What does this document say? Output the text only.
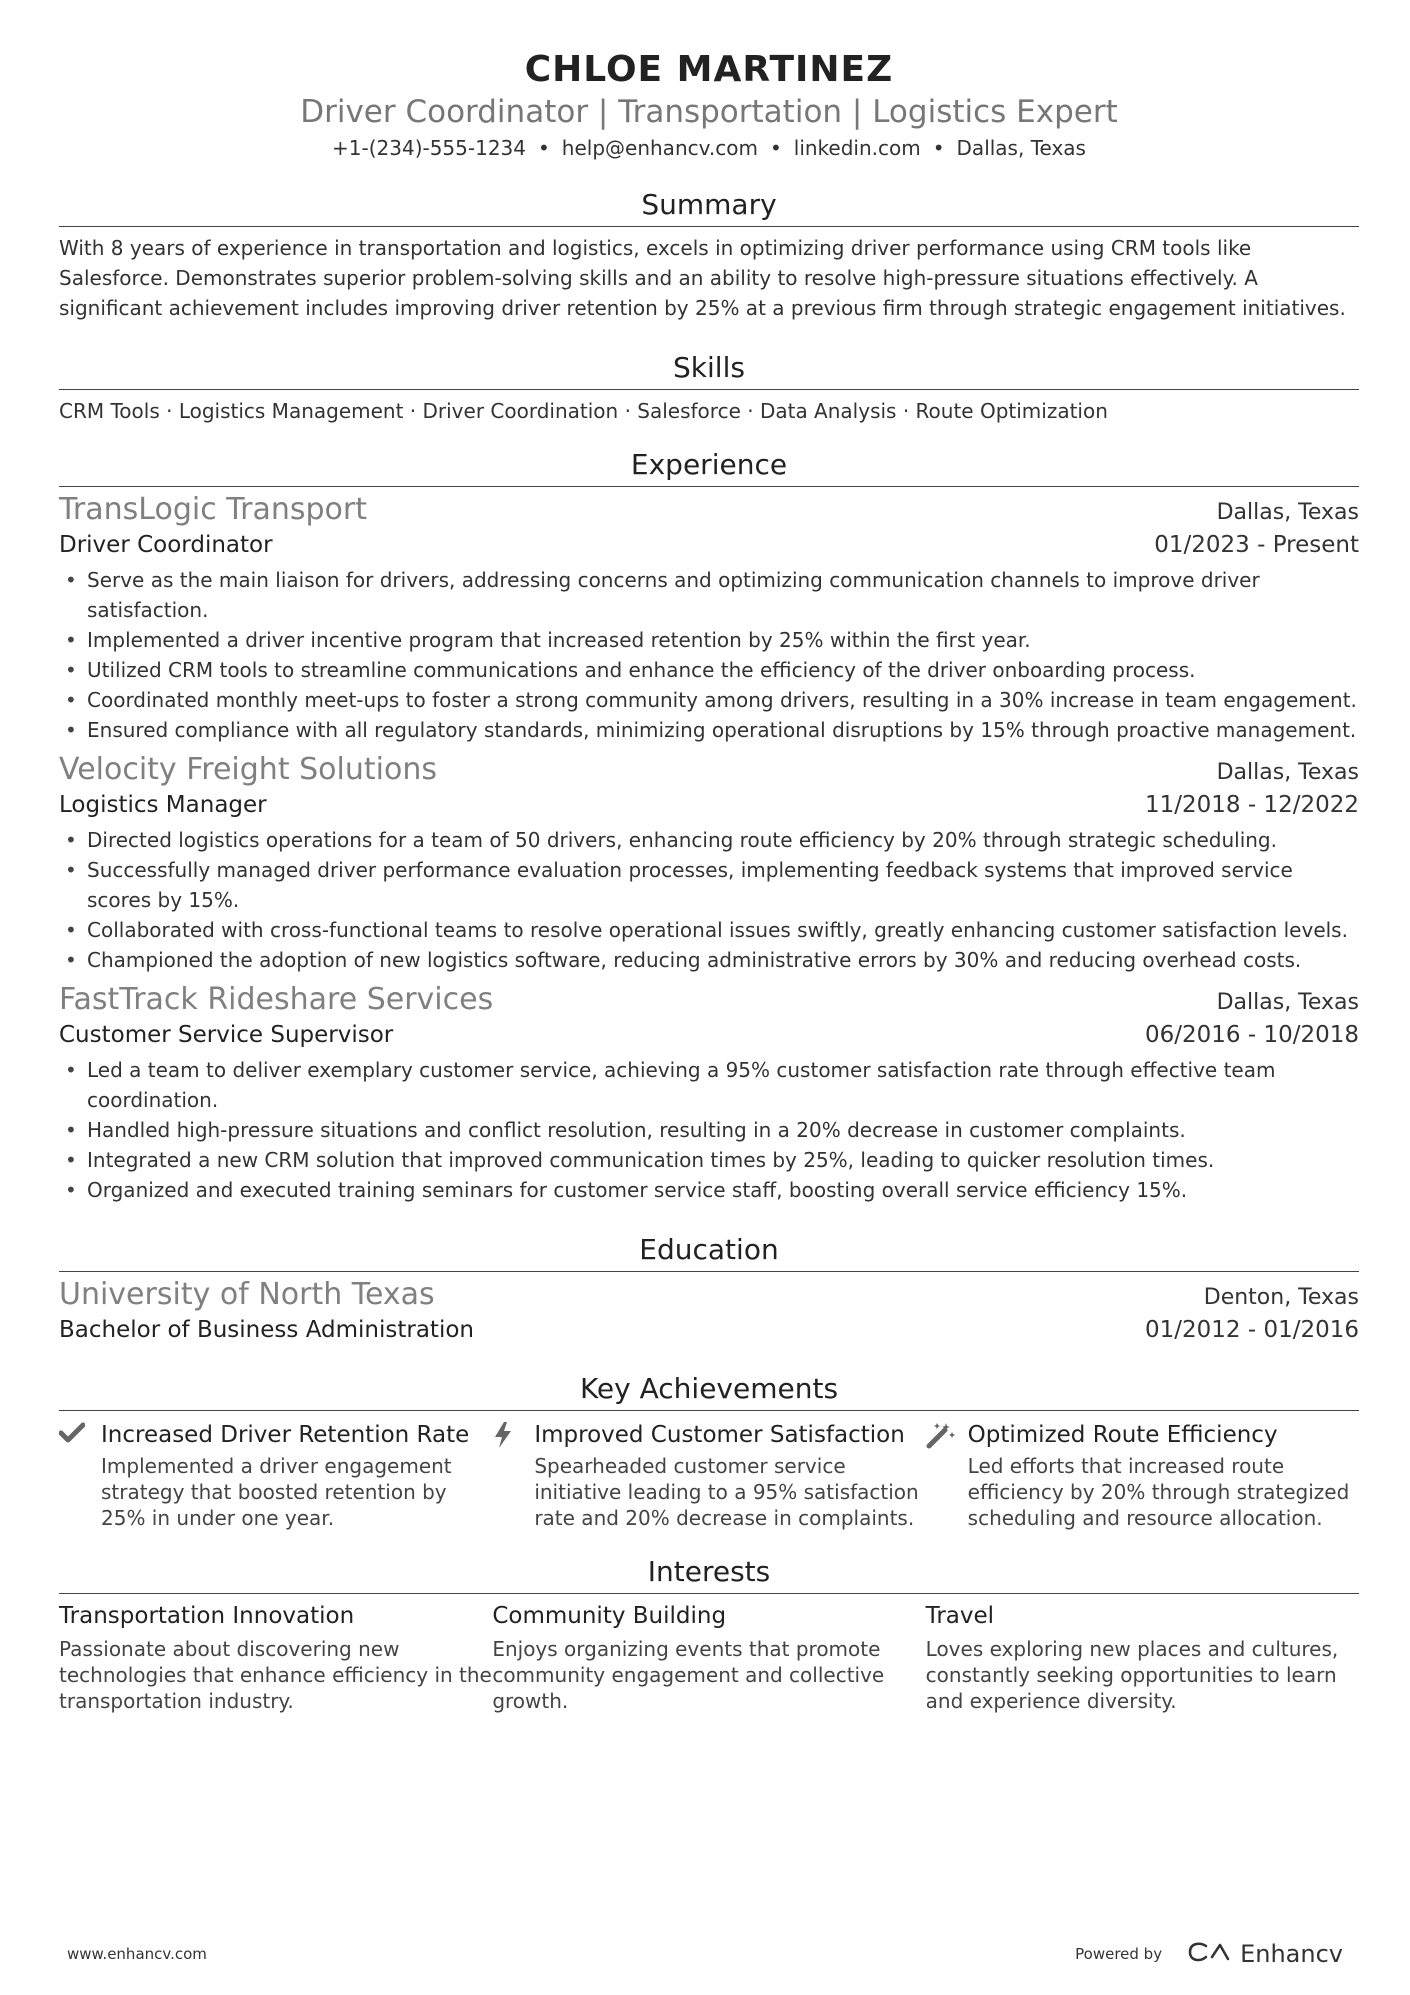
CHLOE MARTINEZ
Driver Coordinator | Transportation | Logistics Expert
+1-(234)-555-1234 • help@enhancv.com • linkedin.com • Dallas, Texas
Summary
With 8 years of experience in transportation and logistics, excels in optimizing driver performance using CRM tools like Salesforce. Demonstrates superior problem-solving skills and an ability to resolve high-pressure situations effectively. A significant achievement includes improving driver retention by 25% at a previous firm through strategic engagement initiatives.
Skills
CRM Tools · Logistics Management · Driver Coordination · Salesforce · Data Analysis · Route Optimization
Experience
TransLogic Transport	Dallas, Texas
Driver Coordinator	01/2023 - Present
• Serve as the main liaison for drivers, addressing concerns and optimizing communication channels to improve driver satisfaction.
• Implemented a driver incentive program that increased retention by 25% within the first year.
• Utilized CRM tools to streamline communications and enhance the efficiency of the driver onboarding process.
• Coordinated monthly meet-ups to foster a strong community among drivers, resulting in a 30% increase in team engagement.
• Ensured compliance with all regulatory standards, minimizing operational disruptions by 15% through proactive management.
Velocity Freight Solutions	Dallas, Texas
Logistics Manager	11/2018 - 12/2022
• Directed logistics operations for a team of 50 drivers, enhancing route efficiency by 20% through strategic scheduling.
• Successfully managed driver performance evaluation processes, implementing feedback systems that improved service scores by 15%.
• Collaborated with cross-functional teams to resolve operational issues swiftly, greatly enhancing customer satisfaction levels.
• Championed the adoption of new logistics software, reducing administrative errors by 30% and reducing overhead costs.
FastTrack Rideshare Services	Dallas, Texas
Customer Service Supervisor	06/2016 - 10/2018
• Led a team to deliver exemplary customer service, achieving a 95% customer satisfaction rate through effective team coordination.
• Handled high-pressure situations and conflict resolution, resulting in a 20% decrease in customer complaints.
• Integrated a new CRM solution that improved communication times by 25%, leading to quicker resolution times.
• Organized and executed training seminars for customer service staff, boosting overall service efficiency 15%.
Education
University of North Texas	Denton, Texas
Bachelor of Business Administration	01/2012 - 01/2016
Key Achievements
Increased Driver Retention Rate
Implemented a driver engagement strategy that boosted retention by 25% in under one year.
Improved Customer Satisfaction
Spearheaded customer service initiative leading to a 95% satisfaction rate and 20% decrease in complaints.
Optimized Route Efficiency
Led efforts that increased route efficiency by 20% through strategized scheduling and resource allocation.
Interests
Transportation Innovation
Passionate about discovering new technologies that enhance efficiency in the transportation industry.
Community Building
Enjoys organizing events that promote community engagement and collective growth.
Travel
Loves exploring new places and cultures, constantly seeking opportunities to learn and experience diversity.
www.enhancv.com	Powered by	Enhancv
